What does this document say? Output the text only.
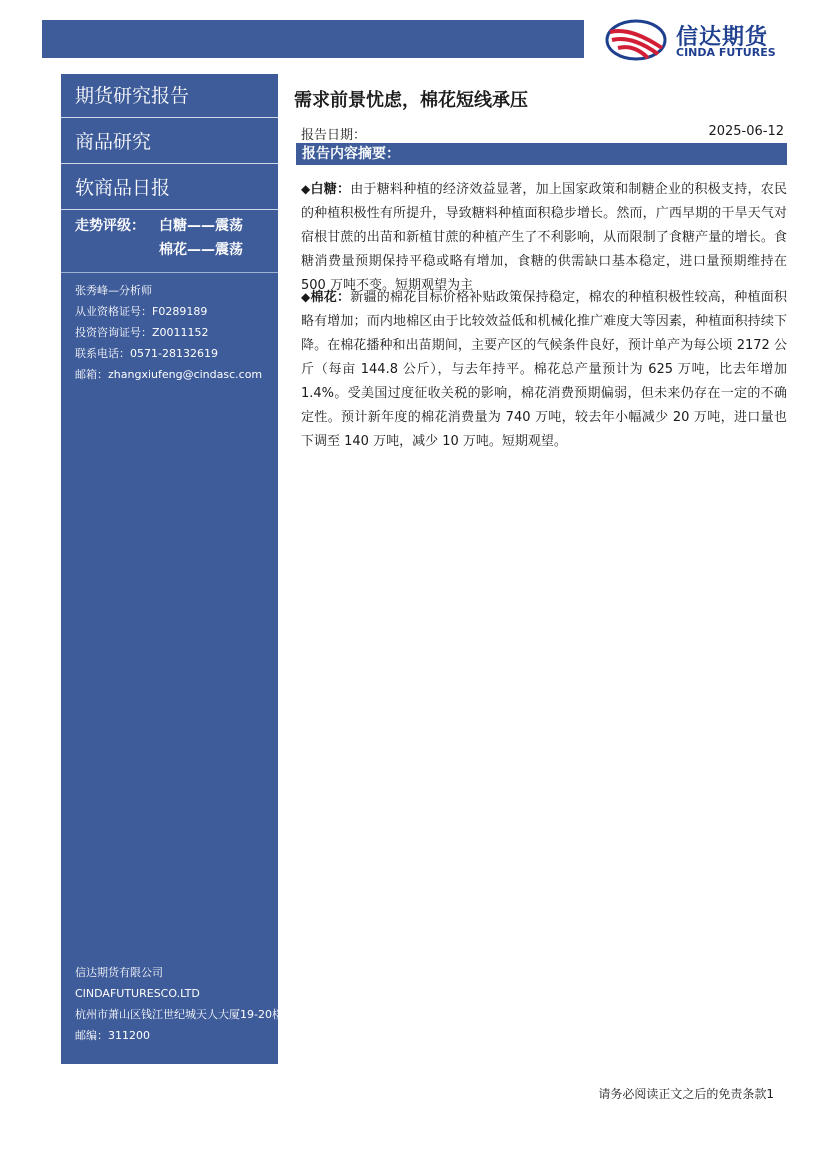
信达期货
CINDA FUTURES
期货研究报告
商品研究
软商品日报
走势评级： 白糖——震荡
棉花——震荡
张秀峰—分析师
从业资格证号：F0289189
投资咨询证号：Z0011152
联系电话：0571-28132619
邮箱：zhangxiufeng@cindasc.com
信达期货有限公司
CINDAFUTURESCO.LTD
杭州市萧山区钱江世纪城天人大厦19-20楼
邮编：311200
需求前景忧虑，棉花短线承压
报告日期：	2025-06-12
报告内容摘要：
◆白糖：由于糖料种植的经济效益显著，加上国家政策和制糖企业的积极支持，农民的种植积极性有所提升，导致糖料种植面积稳步增长。然而，广西早期的干旱天气对宿根甘蔗的出苗和新植甘蔗的种植产生了不利影响，从而限制了食糖产量的增长。食糖消费量预期保持平稳或略有增加，食糖的供需缺口基本稳定，进口量预期维持在 500 万吨不变。短期观望为主
◆棉花：新疆的棉花目标价格补贴政策保持稳定，棉农的种植积极性较高，种植面积略有增加；而内地棉区由于比较效益低和机械化推广难度大等因素，种植面积持续下降。在棉花播种和出苗期间，主要产区的气候条件良好，预计单产为每公顷 2172 公斤（每亩 144.8 公斤），与去年持平。棉花总产量预计为 625 万吨，比去年增加 1.4%。受美国过度征收关税的影响，棉花消费预期偏弱，但未来仍存在一定的不确定性。预计新年度的棉花消费量为 740 万吨，较去年小幅减少 20 万吨，进口量也下调至 140 万吨，减少 10 万吨。短期观望。
请务必阅读正文之后的免责条款1
